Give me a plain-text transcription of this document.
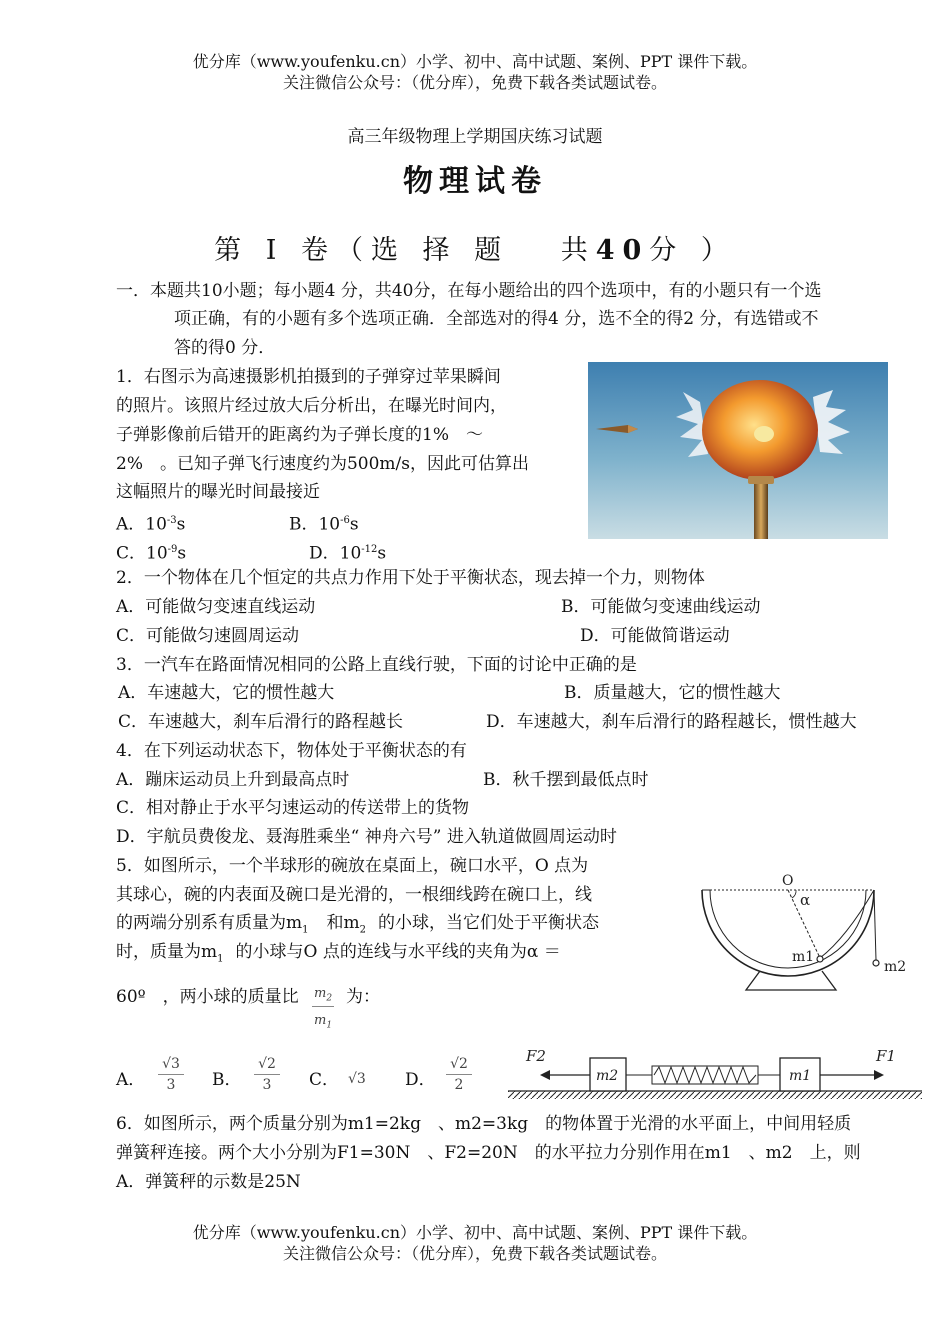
优分库（www.youfenku.cn）小学、初中、高中试题、案例、PPT 课件下载。
关注微信公众号：（优分库），免费下载各类试题试卷。
高三年级物理上学期国庆练习试题
物理试卷
第 I 卷（选 择 题　 共40分 ）
一．本题共10小题；每小题4 分，共40分，在每小题给出的四个选项中，有的小题只有一个选
项正确，有的小题有多个选项正确．全部选对的得4 分，选不全的得2 分，有选错或不
答的得0 分．
1．右图示为高速摄影机拍摄到的子弹穿过苹果瞬间
的照片。该照片经过放大后分析出，在曝光时间内，
子弹影像前后错开的距离约为子弹长度的1%　～
2%　。已知子弹飞行速度约为500m/s，因此可估算出
这幅照片的曝光时间最接近
A．$10^{-3}s$	B．$10^{-6}s$
C．$10^{-9}s$	D．$10^{-12}s$
2．一个物体在几个恒定的共点力作用下处于平衡状态，现去掉一个力，则物体
A．可能做匀变速直线运动	B．可能做匀变速曲线运动
C．可能做匀速圆周运动	D．可能做简谐运动
3．一汽车在路面情况相同的公路上直线行驶，下面的讨论中正确的是
A．车速越大，它的惯性越大	B．质量越大，它的惯性越大
C．车速越大，刹车后滑行的路程越长	D．车速越大，刹车后滑行的路程越长，惯性越大
4．在下列运动状态下，物体处于平衡状态的有
A．蹦床运动员上升到最高点时	B．秋千摆到最低点时
C．相对静止于水平匀速运动的传送带上的货物
D．宇航员费俊龙、聂海胜乘坐“ 神舟六号” 进入轨道做圆周运动时
5．如图所示，一个半球形的碗放在桌面上，碗口水平，O 点为
其球心，碗的内表面及碗口是光滑的，一根细线跨在碗口上，线
的两端分别系有质量为$m_1$ 和$m_2$ 的小球，当它们处于平衡状态
时，质量为$m_1$ 的小球与O 点的连线与水平线的夹角为α ＝
60º　，两小球的质量比 $m_2$
$m_1$
为：
A．
√3
3	B．
√2
3	C． √3 D．
√2
2
O
α
m1
m2
F2	F1
m2	m1
6．如图所示，两个质量分别为m1=2kg　、m2=3kg　的物体置于光滑的水平面上，中间用轻质
弹簧秤连接。两个大小分别为F1=30N　、F2=20N　的水平拉力分别作用在m1　、m2　上，则
A．弹簧秤的示数是25N
优分库（www.youfenku.cn）小学、初中、高中试题、案例、PPT 课件下载。
关注微信公众号：（优分库），免费下载各类试题试卷。
